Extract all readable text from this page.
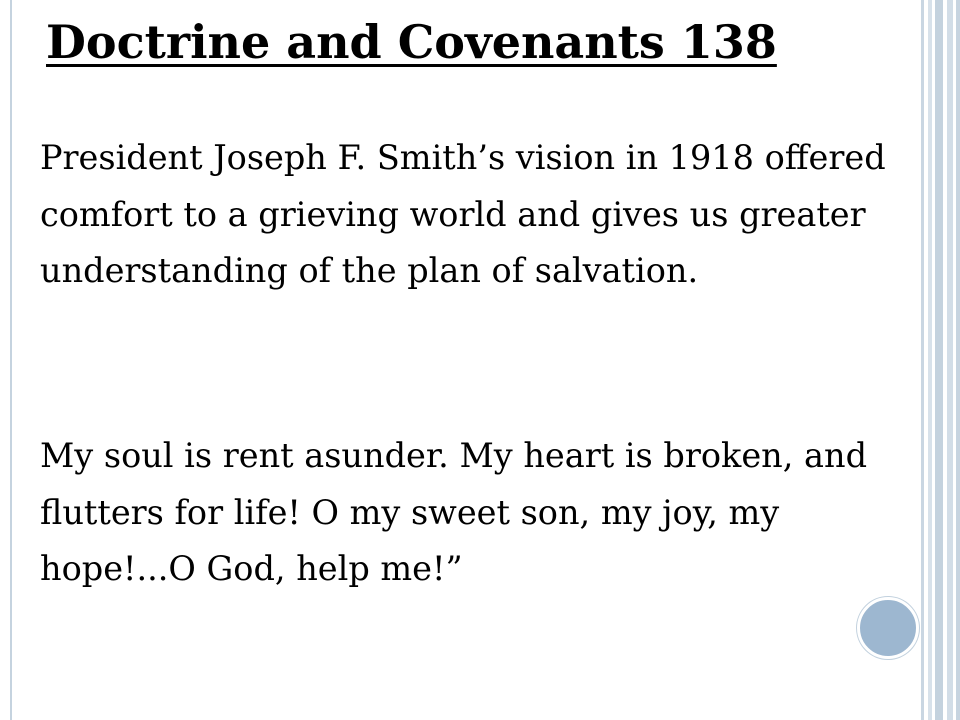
Doctrine and Covenants 138

President Joseph F. Smith’s vision in 1918 offered comfort to a grieving world and gives us greater understanding of the plan of salvation.

My soul is rent asunder. My heart is broken, and flutters for life! O my sweet son, my joy, my hope!...O God, help me!”
